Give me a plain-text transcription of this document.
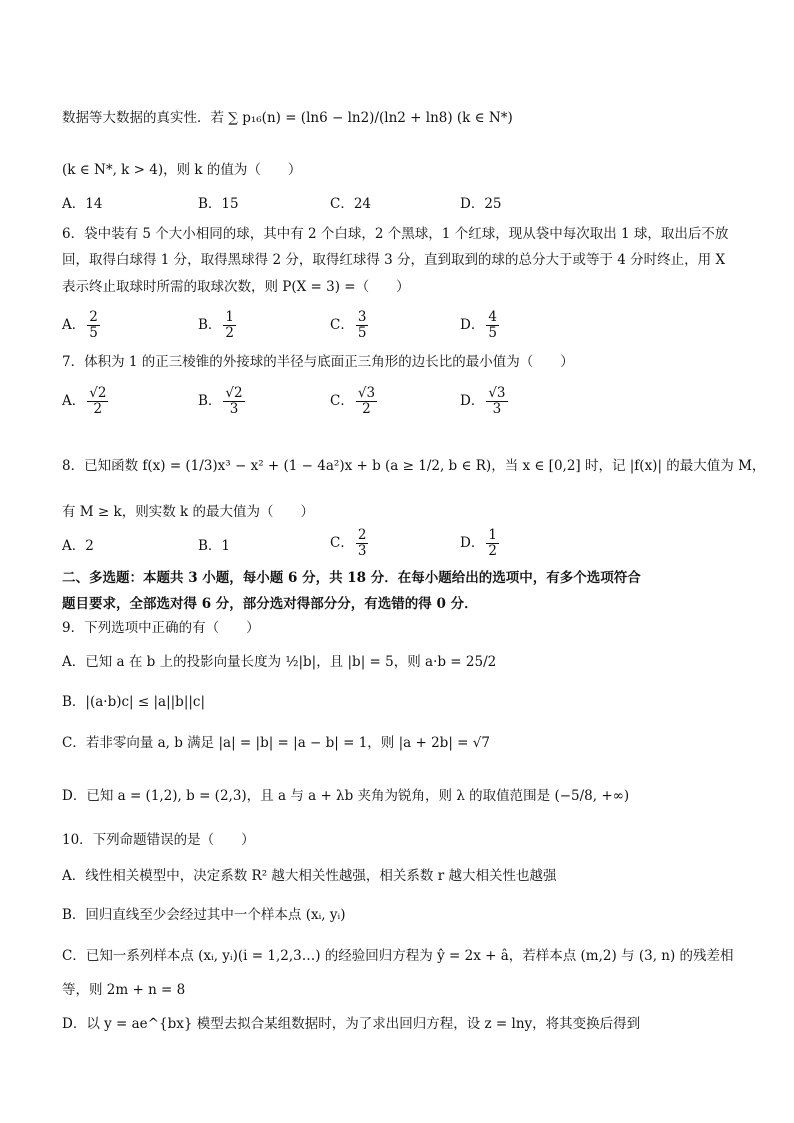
数据等大数据的真实性．若 ∑ p₁₆(n) = (ln6 − ln2)/(ln2 + ln8) (k ∈ N*)
(k ∈ N*, k > 4)，则 k 的值为（　　）
A．14	B．15	C．24	D．25
6．袋中装有 5 个大小相同的球，其中有 2 个白球，2 个黑球，1 个红球，现从袋中每次取出 1 球，取出后不放
回，取得白球得 1 分，取得黑球得 2 分，取得红球得 3 分，直到取到的球的总分大于或等于 4 分时终止，用 X
表示终止取球时所需的取球次数，则 P(X = 3) =（　　）
A． $\frac{2}{5}$	B． $\frac{1}{2}$	C． $\frac{3}{5}$	D． $\frac{4}{5}$
7．体积为 1 的正三棱锥的外接球的半径与底面正三角形的边长比的最小值为（　　）
A． $\frac{√2}{2}$	B． $\frac{√2}{3}$	C． $\frac{√3}{2}$	D． $\frac{√3}{3}$
8．已知函数 f(x) = (1/3)x³ − x² + (1 − 4a²)x + b (a ≥ 1/2, b ∈ R)，当 x ∈ [0,2] 时，记 |f(x)| 的最大值为 M，
有 M ≥ k，则实数 k 的最大值为（　　）
A．2	B．1	C． $\frac{2}{3}$	D． $\frac{1}{2}$
二、多选题：本题共 3 小题，每小题 6 分，共 18 分．在每小题给出的选项中，有多个选项符合
题目要求，全部选对得 6 分，部分选对得部分分，有选错的得 0 分．
9．下列选项中正确的有（　　）
A．已知 a 在 b 上的投影向量长度为 ½|b|，且 |b| = 5，则 a·b = 25/2
B．|(a·b)c| ≤ |a||b||c|
C．若非零向量 a, b 满足 |a| = |b| = |a − b| = 1，则 |a + 2b| = √7
D．已知 a = (1,2), b = (2,3)，且 a 与 a + λb 夹角为锐角，则 λ 的取值范围是 (−5/8, +∞)
10．下列命题错误的是（　　）
A．线性相关模型中，决定系数 R² 越大相关性越强，相关系数 r 越大相关性也越强
B．回归直线至少会经过其中一个样本点 (xᵢ, yᵢ)
C．已知一系列样本点 (xᵢ, yᵢ)(i = 1,2,3…) 的经验回归方程为 ŷ = 2x + â，若样本点 (m,2) 与 (3, n) 的残差相
等，则 2m + n = 8
D．以 y = ae^{bx} 模型去拟合某组数据时，为了求出回归方程，设 z = lny，将其变换后得到
